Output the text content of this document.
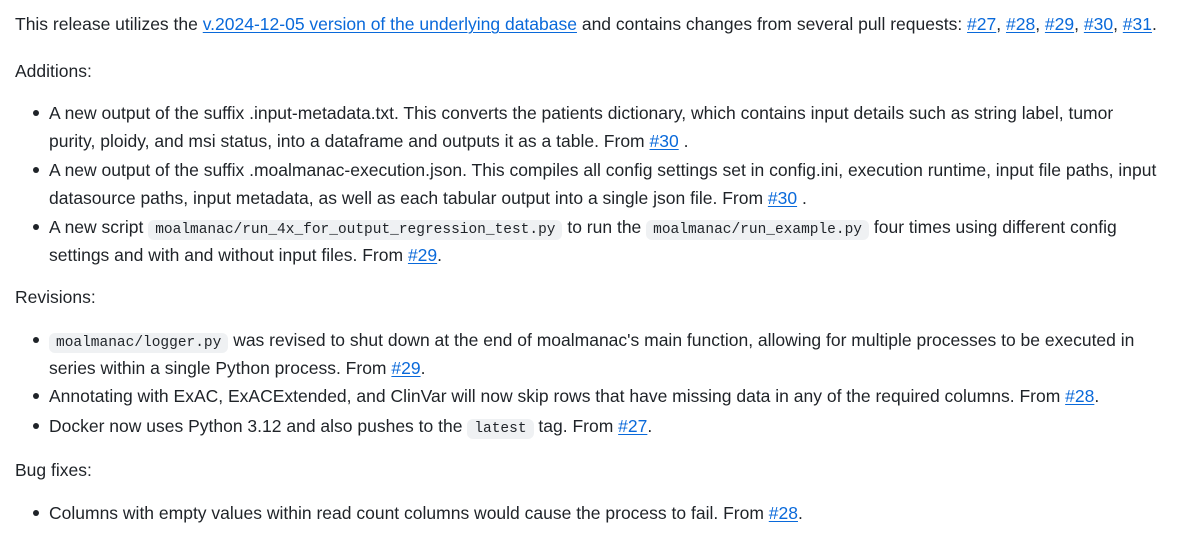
This release utilizes the v.2024-12-05 version of the underlying database and contains changes from several pull requests: #27, #28, #29, #30, #31.
Additions:
A new output of the suffix .input-metadata.txt. This converts the patients dictionary, which contains input details such as string label, tumor
purity, ploidy, and msi status, into a dataframe and outputs it as a table. From #30 .
A new output of the suffix .moalmanac-execution.json. This compiles all config settings set in config.ini, execution runtime, input file paths, input
datasource paths, input metadata, as well as each tabular output into a single json file. From #30 .
A new script moalmanac/run_4x_for_output_regression_test.py to run the moalmanac/run_example.py four times using different config
settings and with and without input files. From #29.
Revisions:
moalmanac/logger.py was revised to shut down at the end of moalmanac's main function, allowing for multiple processes to be executed in
series within a single Python process. From #29.
Annotating with ExAC, ExACExtended, and ClinVar will now skip rows that have missing data in any of the required columns. From #28.
Docker now uses Python 3.12 and also pushes to the latest tag. From #27.
Bug fixes:
Columns with empty values within read count columns would cause the process to fail. From #28.
